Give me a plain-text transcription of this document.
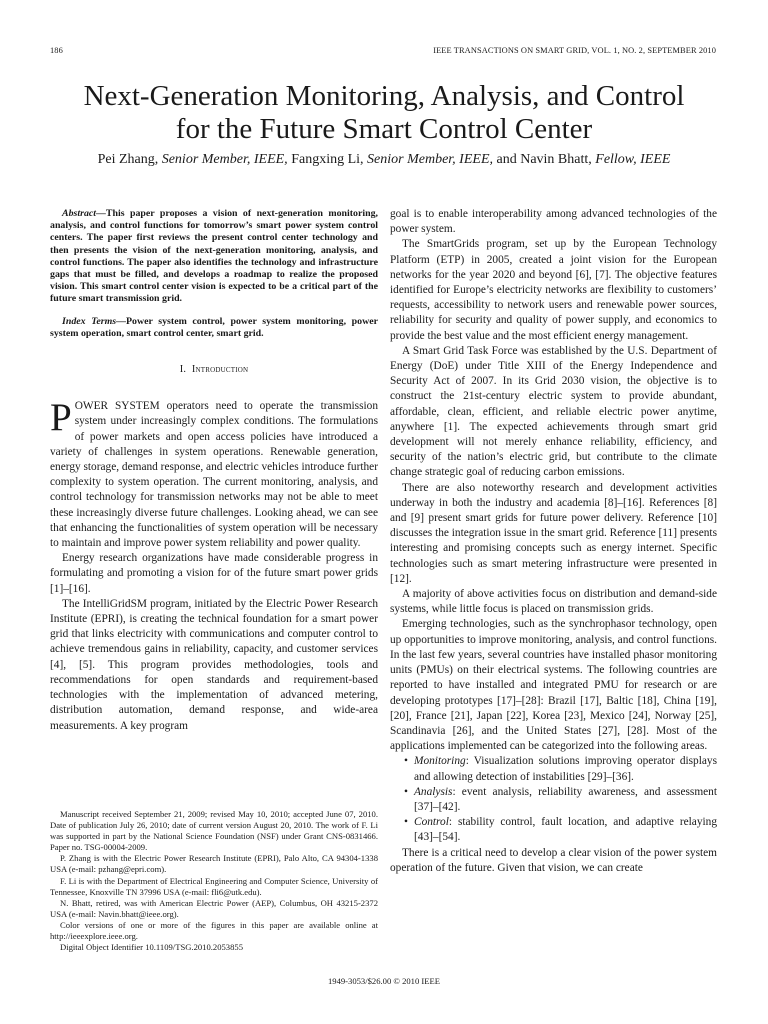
186	IEEE TRANSACTIONS ON SMART GRID, VOL. 1, NO. 2, SEPTEMBER 2010
Next-Generation Monitoring, Analysis, and Control
for the Future Smart Control Center
Pei Zhang, Senior Member, IEEE, Fangxing Li, Senior Member, IEEE, and Navin Bhatt, Fellow, IEEE

Abstract—This paper proposes a vision of next-generation monitoring, analysis, and control functions for tomorrow’s smart power system control centers. The paper first reviews the present control center technology and then presents the vision of the next-generation monitoring, analysis, and control functions. The paper also identifies the technology and infrastructure gaps that must be filled, and develops a roadmap to realize the proposed vision. This smart control center vision is expected to be a critical part of the future smart transmission grid.

Index Terms—Power system control, power system monitoring, power system operation, smart control center, smart grid.

I. Introduction

POWER SYSTEM operators need to operate the transmission system under increasingly complex conditions. The formulations of power markets and open access policies have introduced a variety of challenges in system operations. Renewable generation, energy storage, demand response, and electric vehicles introduce further complexity to system operation. The current monitoring, analysis, and control technology for transmission networks may not be able to meet these increasingly diverse future challenges. Looking ahead, we can see that enhancing the functionalities of system operation will be necessary to maintain and improve power system reliability and power quality.

Energy research organizations have made considerable progress in formulating and promoting a vision for of the future smart power grids [1]–[16].

The IntelliGridSM program, initiated by the Electric Power Research Institute (EPRI), is creating the technical foundation for a smart power grid that links electricity with communications and computer control to achieve tremendous gains in reliability, capacity, and customer services [4], [5]. This program provides methodologies, tools and recommendations for open standards and requirement-based technologies with the implementation of advanced metering, distribution automation, demand response, and wide-area measurements. A key program

Manuscript received September 21, 2009; revised May 10, 2010; accepted June 07, 2010. Date of publication July 26, 2010; date of current version August 20, 2010. The work of F. Li was supported in part by the National Science Foundation (NSF) under Grant CNS-0831466. Paper no. TSG-00004-2009.

P. Zhang is with the Electric Power Research Institute (EPRI), Palo Alto, CA 94304-1338 USA (e-mail: pzhang@epri.com).

F. Li is with the Department of Electrical Engineering and Computer Science, University of Tennessee, Knoxville TN 37996 USA (e-mail: fli6@utk.edu).

N. Bhatt, retired, was with American Electric Power (AEP), Columbus, OH 43215-2372 USA (e-mail: Navin.bhatt@ieee.org).

Color versions of one or more of the figures in this paper are available online at http://ieeexplore.ieee.org.

Digital Object Identifier 10.1109/TSG.2010.2053855

goal is to enable interoperability among advanced technologies of the power system.

The SmartGrids program, set up by the European Technology Platform (ETP) in 2005, created a joint vision for the European networks for the year 2020 and beyond [6], [7]. The objective features identified for Europe’s electricity networks are flexibility to customers’ requests, accessibility to network users and renewable power sources, reliability for security and quality of power supply, and economics to provide the best value and the most efficient energy management.

A Smart Grid Task Force was established by the U.S. Department of Energy (DoE) under Title XIII of the Energy Independence and Security Act of 2007. In its Grid 2030 vision, the objective is to construct the 21st-century electric system to provide abundant, affordable, clean, efficient, and reliable electric power anytime, anywhere [1]. The expected achievements through smart grid development will not merely enhance reliability, efficiency, and security of the nation’s electric grid, but contribute to the climate change strategic goal of reducing carbon emissions.

There are also noteworthy research and development activities underway in both the industry and academia [8]–[16]. References [8] and [9] present smart grids for future power delivery. Reference [10] discusses the integration issue in the smart grid. Reference [11] presents interesting and promising concepts such as energy internet. Specific technologies such as smart metering infrastructure were presented in [12].

A majority of above activities focus on distribution and demand-side systems, while little focus is placed on transmission grids.

Emerging technologies, such as the synchrophasor technology, open up opportunities to improve monitoring, analysis, and control functions. In the last few years, several countries have installed phasor monitoring units (PMUs) on their electrical systems. The following countries are reported to have installed and integrated PMU for research or are developing prototypes [17]–[28]: Brazil [17], Baltic [18], China [19], [20], France [21], Japan [22], Korea [23], Mexico [24], Norway [25], Scandinavia [26], and the United States [27], [28]. Most of the applications implemented can be categorized into the following areas.

• Monitoring: Visualization solutions improving operator displays and allowing detection of instabilities [29]–[36].
• Analysis: event analysis, reliability awareness, and assessment [37]–[42].
• Control: stability control, fault location, and adaptive relaying [43]–[54].

There is a critical need to develop a clear vision of the power system operation of the future. Given that vision, we can create

1949-3053/$26.00 © 2010 IEEE
